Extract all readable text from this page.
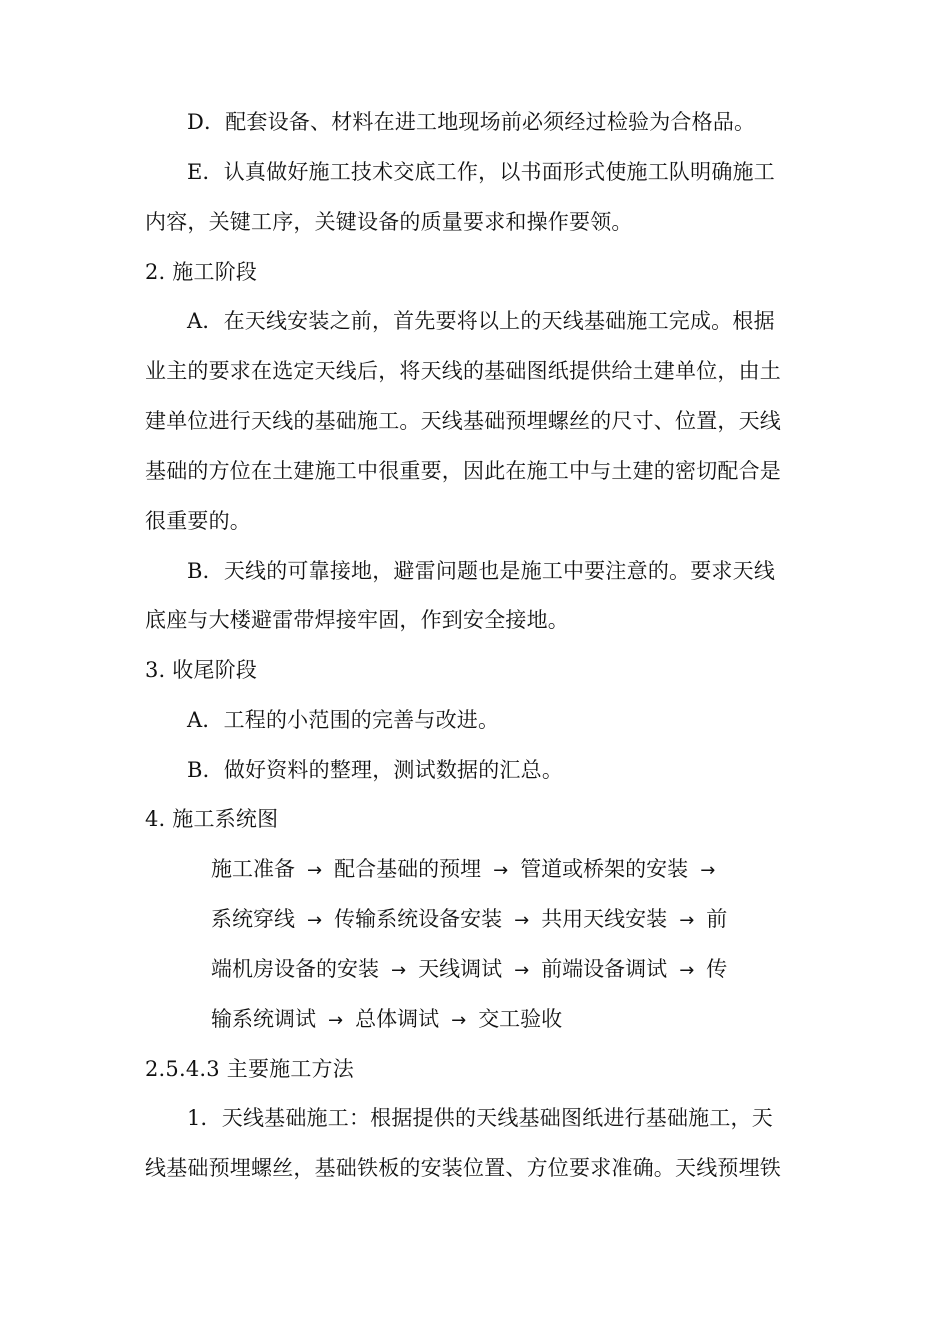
D．配套设备、材料在进工地现场前必须经过检验为合格品。
E．认真做好施工技术交底工作，以书面形式使施工队明确施工
内容，关键工序，关键设备的质量要求和操作要领。
2. 施工阶段
A．在天线安装之前，首先要将以上的天线基础施工完成。根据
业主的要求在选定天线后，将天线的基础图纸提供给土建单位，由土
建单位进行天线的基础施工。天线基础预埋螺丝的尺寸、位置，天线
基础的方位在土建施工中很重要，因此在施工中与土建的密切配合是
很重要的。
B．天线的可靠接地，避雷问题也是施工中要注意的。要求天线
底座与大楼避雷带焊接牢固，作到安全接地。
3. 收尾阶段
A．工程的小范围的完善与改进。
B．做好资料的整理，测试数据的汇总。
4. 施工系统图
施工准备 → 配合基础的预埋 → 管道或桥架的安装 →
系统穿线 → 传输系统设备安装 → 共用天线安装 → 前
端机房设备的安装 → 天线调试 → 前端设备调试 → 传
输系统调试 → 总体调试 → 交工验收
2.5.4.3 主要施工方法
1．天线基础施工：根据提供的天线基础图纸进行基础施工，天
线基础预埋螺丝，基础铁板的安装位置、方位要求准确。天线预埋铁
